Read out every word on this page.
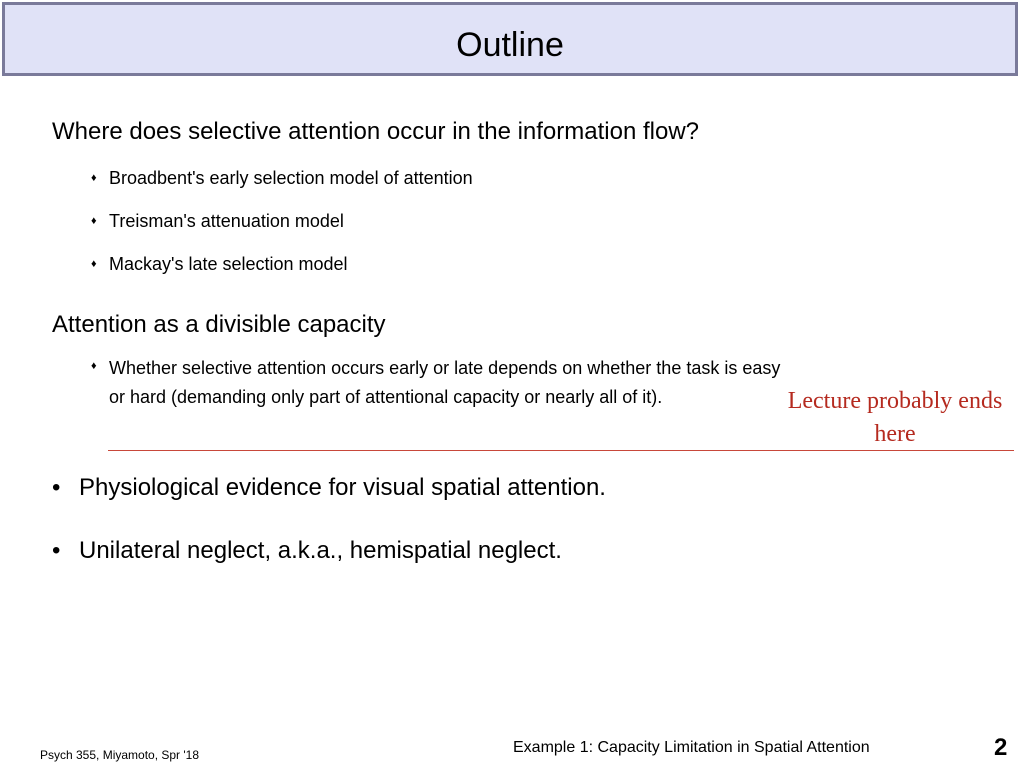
Outline
Where does selective attention occur in the information flow?
♦ Broadbent's early selection model of attention
♦ Treisman's attenuation model
♦ Mackay's late selection model
Attention as a divisible capacity
♦ Whether selective attention occurs early or late depends on whether the task is easy or hard (demanding only part of attentional capacity or nearly all of it).	Lecture probably ends here
• Physiological evidence for visual spatial attention.
• Unilateral neglect, a.k.a., hemispatial neglect.
Psych 355, Miyamoto, Spr '18	Example 1: Capacity Limitation in Spatial Attention	2
